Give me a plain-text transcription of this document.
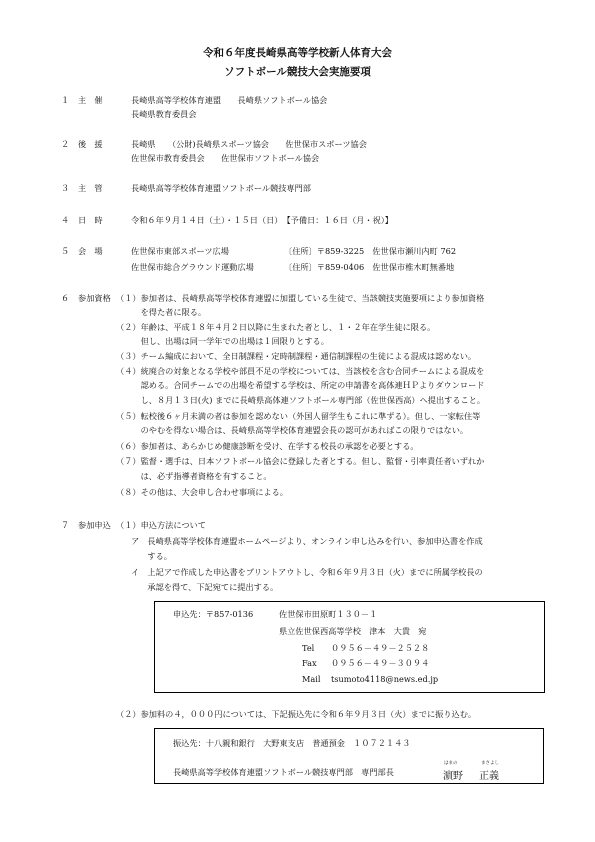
令和６年度長崎県高等学校新人体育大会
ソフトボール競技大会実施要項
１ 主　催	長崎県高等学校体育連盟　　長崎県ソフトボール協会
長崎県教育委員会
２ 後　援	長崎県　　（公財)長崎県スポーツ協会　　佐世保市スポーツ協会
佐世保市教育委員会　　佐世保市ソフトボール協会
３ 主　管	長崎県高等学校体育連盟ソフトボール競技専門部
４ 日　時	令和６年９月１４日（土）・１５日（日）　【予備日：１６日（月・祝）】
５ 会　場	佐世保市東部スポーツ広場	〔住所〕〒859-3225　佐世保市瀬川内町 762
佐世保市総合グラウンド運動広場	〔住所〕〒859-0406　佐世保市椎木町無番地
６ 参加資格 （１）参加者は、長崎県高等学校体育連盟に加盟している生徒で、当該競技実施要項により参加資格
　　　を得た者に限る。
（２）年齢は、平成１８年４月２日以降に生まれた者とし、１・２年在学生徒に限る。
　　　但し、出場は同一学年での出場は１回限りとする。
（３）チーム編成において、全日制課程・定時制課程・通信制課程の生徒による混成は認めない。
（４）統廃合の対象となる学校や部員不足の学校については、当該校を含む合同チームによる混成を
　　　認める。合同チームでの出場を希望する学校は、所定の申請書を高体連ＨＰよりダウンロード
　　　し、８月１３日(火) までに長崎県高体連ソフトボール専門部（佐世保西高）へ提出すること。
（５）転校後６ヶ月未満の者は参加を認めない（外国人留学生もこれに準ずる）。但し、一家転住等
　　　のやむを得ない場合は、長崎県高等学校体育連盟会長の認可があればこの限りではない。
（６）参加者は、あらかじめ健康診断を受け、在学する校長の承認を必要とする。
（７）監督・選手は、日本ソフトボール協会に登録した者とする。但し、監督・引率責任者いずれか
　　　は、必ず指導者資格を有すること。
（８）その他は、大会申し合わせ事項による。
７ 参加申込 （１）申込方法について
ア　長崎県高等学校体育連盟ホームページより、オンライン申し込みを行い、参加申込書を作成
　　する。
イ　上記アで作成した申込書をプリントアウトし、令和６年９月３日（火）までに所属学校長の
　　承認を得て、下記宛てに提出する。
申込先：〒857-0136	佐世保市田原町１３０－１
県立佐世保西高等学校　津本　大貴　宛
Tel ０９５６－４９－２５２８
Fax ０９５６－４９－３０９４
Mail tsumoto4118@news.ed.jp
（２）参加料の４，０００円については、下記振込先に令和６年９月３日（火）までに振り込む。
振込先：十八親和銀行　大野東支店　普通預金　１０７２１４３
長崎県高等学校体育連盟ソフトボール競技専門部　専門部長
はまの	まさよし
濵野 正義
